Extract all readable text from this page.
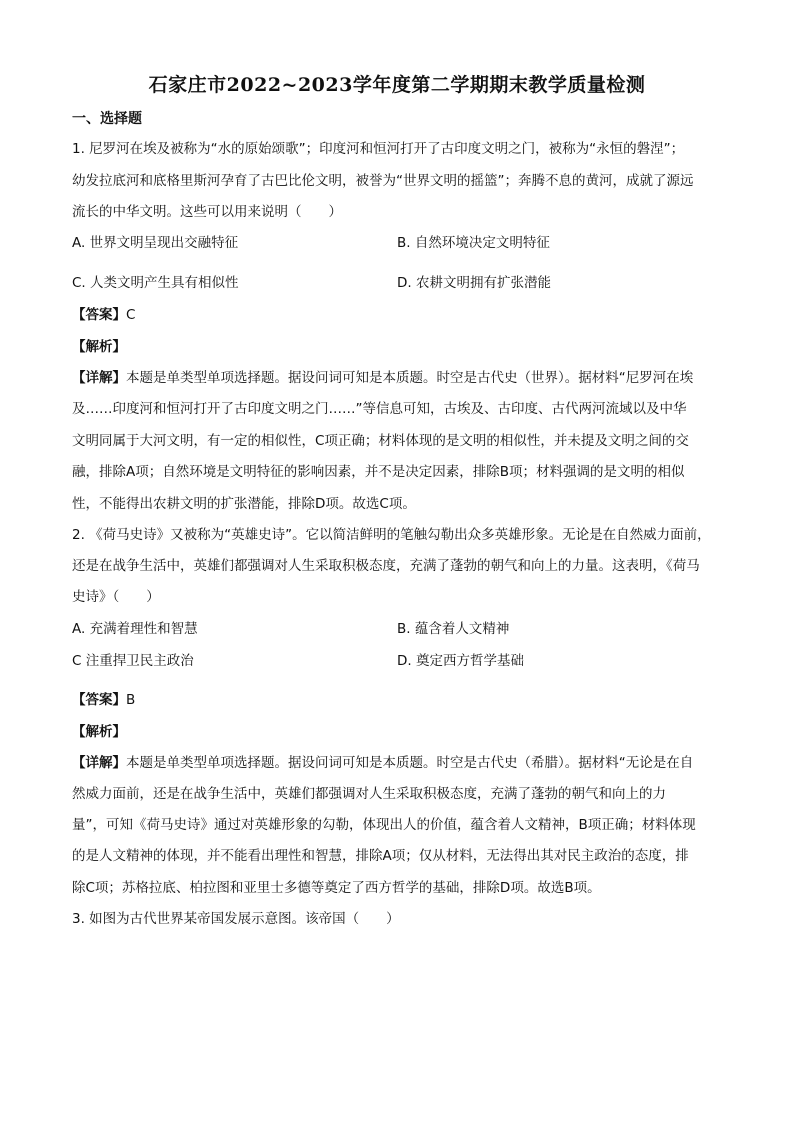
石家庄市2022~2023学年度第二学期期末教学质量检测
一、选择题
1. 尼罗河在埃及被称为“水的原始颂歌”；印度河和恒河打开了古印度文明之门，被称为“永恒的磐涅”；
幼发拉底河和底格里斯河孕育了古巴比伦文明，被誉为“世界文明的摇篮”；奔腾不息的黄河，成就了源远
流长的中华文明。这些可以用来说明（　　）
A. 世界文明呈现出交融特征	B. 自然环境决定文明特征
C. 人类文明产生具有相似性	D. 农耕文明拥有扩张潜能
【答案】C
【解析】
【详解】本题是单类型单项选择题。据设问词可知是本质题。时空是古代史（世界）。据材料“尼罗河在埃
及……印度河和恒河打开了古印度文明之门……”等信息可知，古埃及、古印度、古代两河流域以及中华
文明同属于大河文明，有一定的相似性，C项正确；材料体现的是文明的相似性，并未提及文明之间的交
融，排除A项；自然环境是文明特征的影响因素，并不是决定因素，排除B项；材料强调的是文明的相似
性，不能得出农耕文明的扩张潜能，排除D项。故选C项。
2. 《荷马史诗》又被称为“英雄史诗”。它以简洁鲜明的笔触勾勒出众多英雄形象。无论是在自然威力面前，
还是在战争生活中，英雄们都强调对人生采取积极态度，充满了蓬勃的朝气和向上的力量。这表明，《荷马
史诗》（　　）
A. 充满着理性和智慧	B. 蕴含着人文精神
C 注重捍卫民主政治	D. 奠定西方哲学基础
【答案】B
【解析】
【详解】本题是单类型单项选择题。据设问词可知是本质题。时空是古代史（希腊）。据材料“无论是在自
然威力面前，还是在战争生活中，英雄们都强调对人生采取积极态度，充满了蓬勃的朝气和向上的力
量”，可知《荷马史诗》通过对英雄形象的勾勒，体现出人的价值，蕴含着人文精神，B项正确；材料体现
的是人文精神的体现，并不能看出理性和智慧，排除A项；仅从材料，无法得出其对民主政治的态度，排
除C项；苏格拉底、柏拉图和亚里士多德等奠定了西方哲学的基础，排除D项。故选B项。
3. 如图为古代世界某帝国发展示意图。该帝国（　　）
